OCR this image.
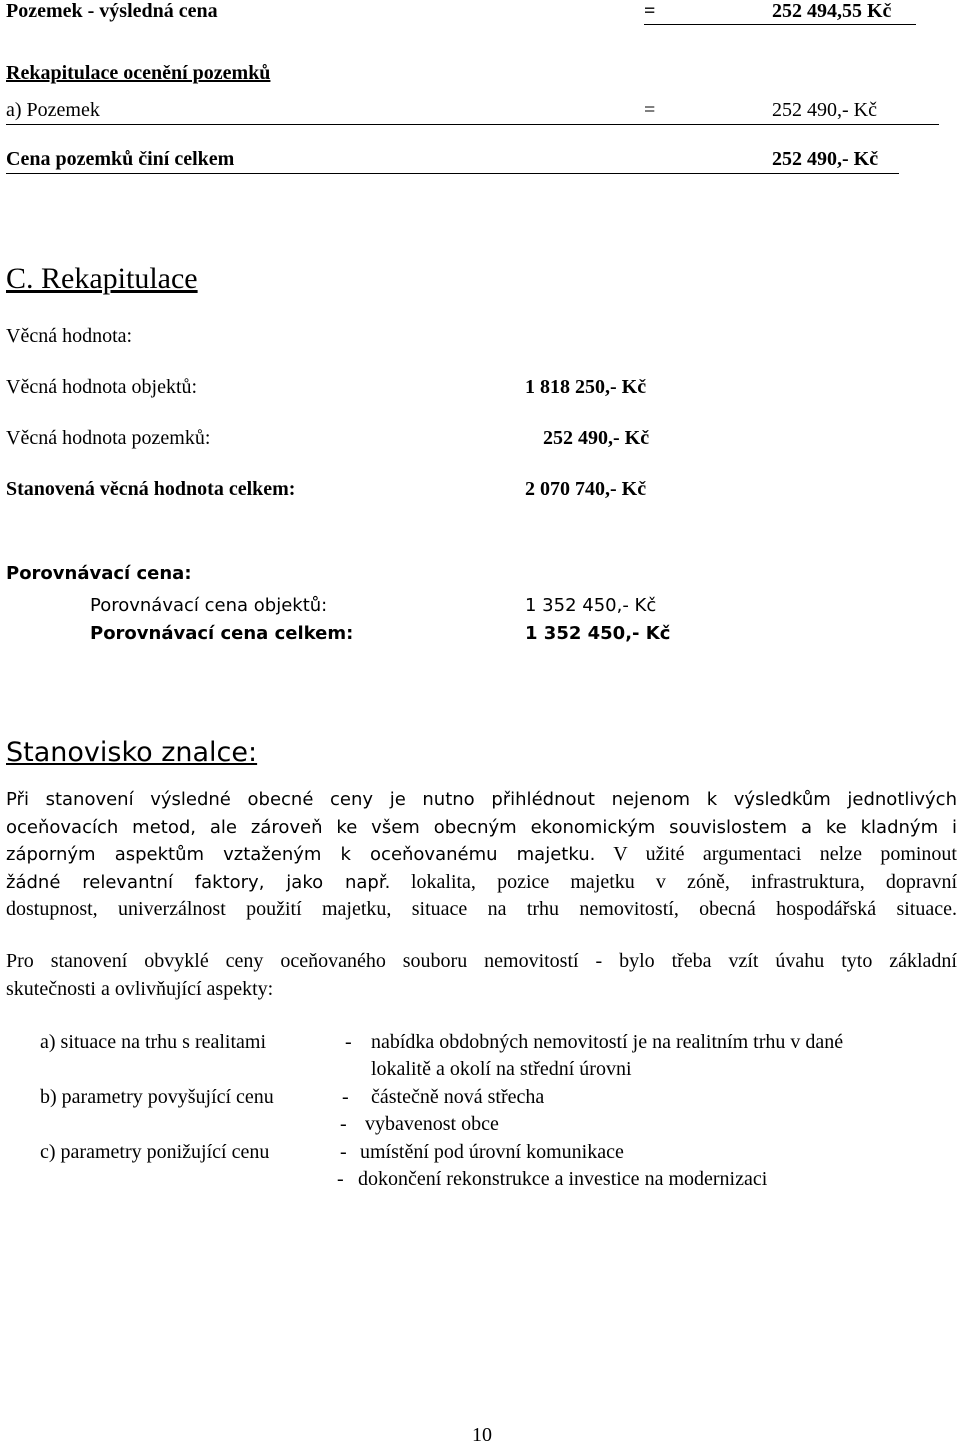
Pozemek - výsledná cena	=	252 494,55 Kč
Rekapitulace ocenění pozemků
a) Pozemek	=	252 490,- Kč
Cena pozemků činí celkem	252 490,- Kč
C. Rekapitulace
Věcná hodnota:
Věcná hodnota objektů:	1 818 250,- Kč
Věcná hodnota pozemků:	252 490,- Kč
Stanovená věcná hodnota celkem:	2 070 740,- Kč
Porovnávací cena:
Porovnávací cena objektů:	1 352 450,- Kč
Porovnávací cena celkem:	1 352 450,- Kč
Stanovisko znalce:
Při stanovení výsledné obecné ceny je nutno přihlédnout nejenom k výsledkům jednotlivých
oceňovacích metod, ale zároveň ke všem obecným ekonomickým souvislostem a ke kladným i
záporným aspektům vztaženým k oceňovanému majetku. V užité argumentaci nelze pominout
žádné relevantní faktory, jako např. lokalita, pozice majetku v zóně, infrastruktura, dopravní
dostupnost, univerzálnost použití majetku, situace na trhu nemovitostí, obecná hospodářská situace.
Pro stanovení obvyklé ceny oceňovaného souboru nemovitostí - bylo třeba vzít úvahu tyto základní
skutečnosti a ovlivňující aspekty:
a) situace na trhu s realitami	- nabídka obdobných nemovitostí je na realitním trhu v dané
lokalitě a okolí na střední úrovni
b) parametry povyšující cenu	- částečně nová střecha
- vybavenost obce
c) parametry ponižující cenu	- umístění pod úrovní komunikace
- dokončení rekonstrukce a investice na modernizaci
10
